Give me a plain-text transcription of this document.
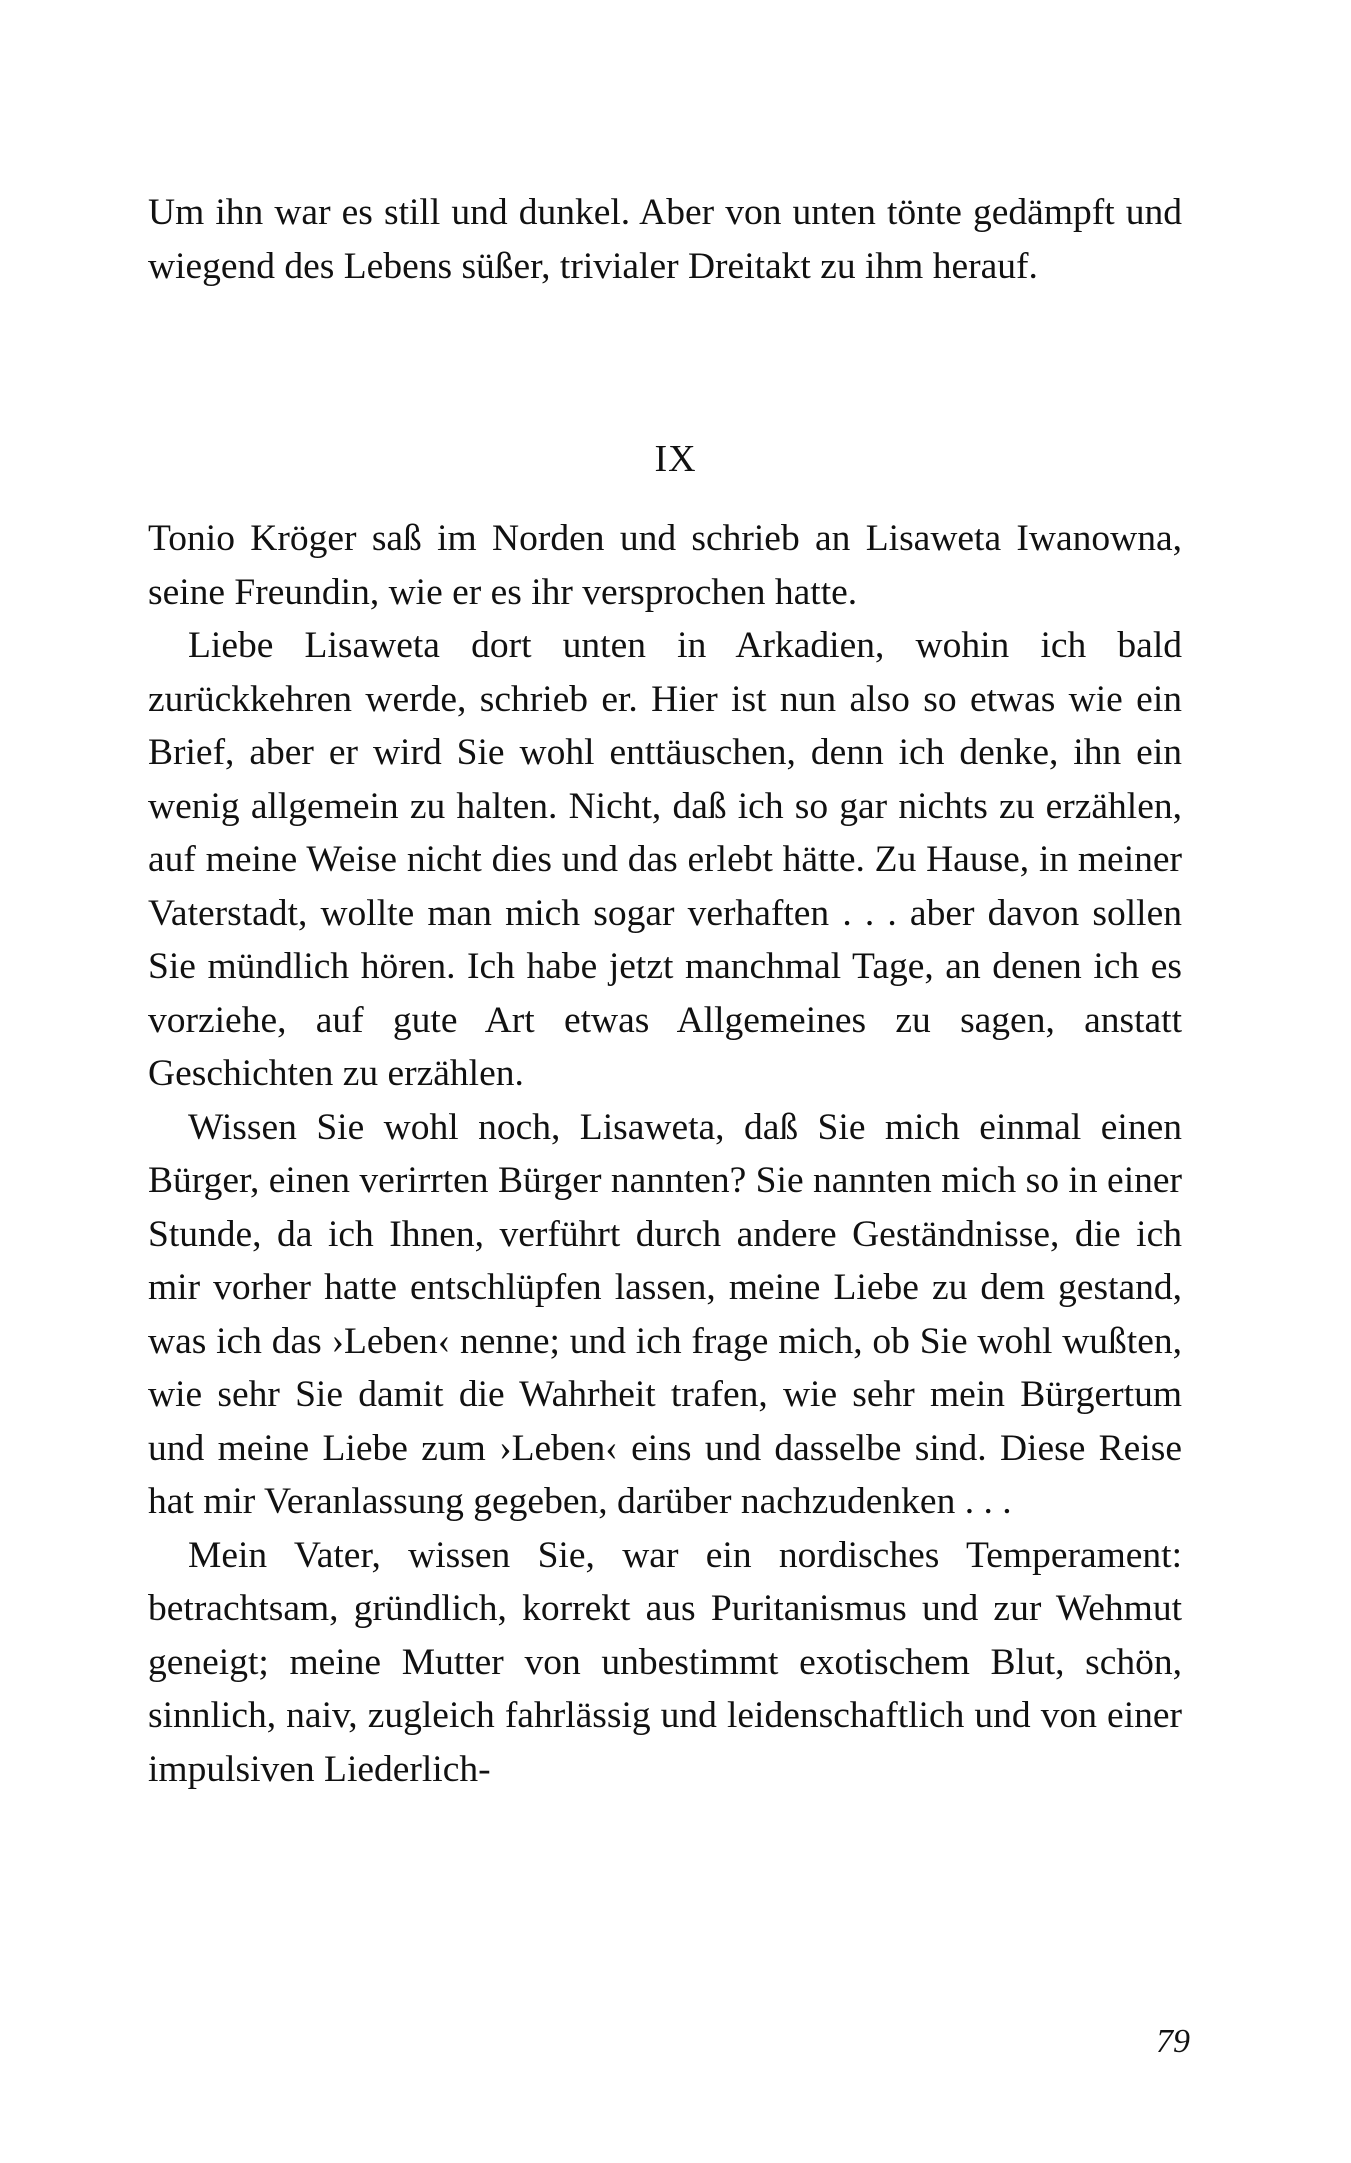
Um ihn war es still und dunkel. Aber von unten tönte gedämpft und wiegend des Lebens süßer, trivialer Dreitakt zu ihm herauf.

IX

Tonio Kröger saß im Norden und schrieb an Lisaweta Iwanowna, seine Freundin, wie er es ihr versprochen hatte.

Liebe Lisaweta dort unten in Arkadien, wohin ich bald zurückkehren werde, schrieb er. Hier ist nun also so etwas wie ein Brief, aber er wird Sie wohl enttäuschen, denn ich denke, ihn ein wenig allgemein zu halten. Nicht, daß ich so gar nichts zu erzählen, auf meine Weise nicht dies und das erlebt hätte. Zu Hause, in meiner Vaterstadt, wollte man mich sogar verhaften . . . aber davon sollen Sie mündlich hören. Ich habe jetzt manchmal Tage, an denen ich es vorziehe, auf gute Art etwas Allgemeines zu sagen, anstatt Geschichten zu erzählen.

Wissen Sie wohl noch, Lisaweta, daß Sie mich einmal einen Bürger, einen verirrten Bürger nannten? Sie nannten mich so in einer Stunde, da ich Ihnen, verführt durch andere Geständnisse, die ich mir vorher hatte entschlüpfen lassen, meine Liebe zu dem gestand, was ich das ›Leben‹ nenne; und ich frage mich, ob Sie wohl wußten, wie sehr Sie damit die Wahrheit trafen, wie sehr mein Bürgertum und meine Liebe zum ›Leben‹ eins und dasselbe sind. Diese Reise hat mir Veranlassung gegeben, darüber nachzudenken . . .

Mein Vater, wissen Sie, war ein nordisches Temperament: betrachtsam, gründlich, korrekt aus Puritanismus und zur Wehmut geneigt; meine Mutter von unbestimmt exotischem Blut, schön, sinnlich, naiv, zugleich fahrlässig und leidenschaftlich und von einer impulsiven Liederlich-

79
